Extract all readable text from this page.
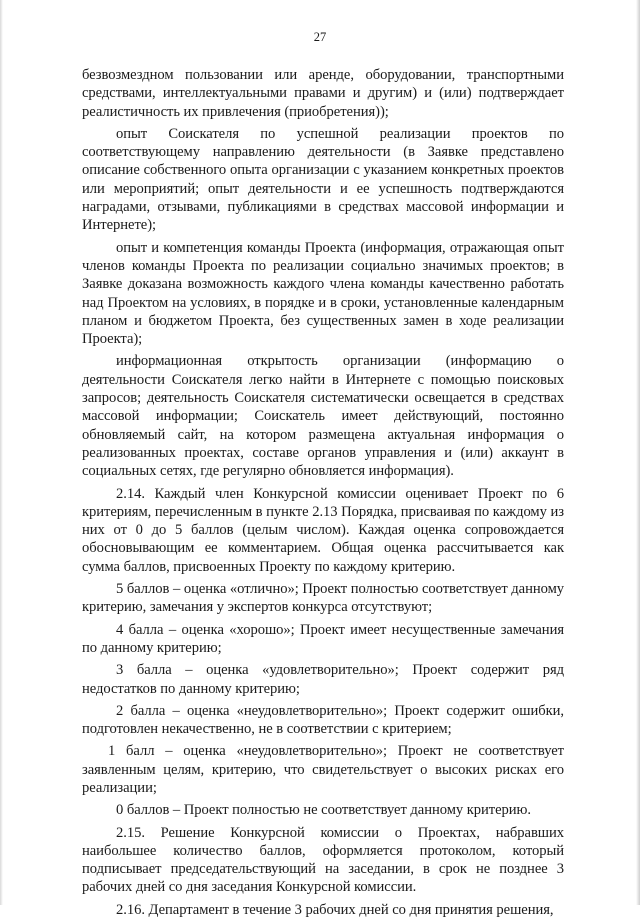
27

безвозмездном пользовании или аренде, оборудовании, транспортными средствами, интеллектуальными правами и другим) и (или) подтверждает реалистичность их привлечения (приобретения));

опыт Соискателя по успешной реализации проектов по соответствующему направлению деятельности (в Заявке представлено описание собственного опыта организации с указанием конкретных проектов или мероприятий; опыт деятельности и ее успешность подтверждаются наградами, отзывами, публикациями в средствах массовой информации и Интернете);

опыт и компетенция команды Проекта (информация, отражающая опыт членов команды Проекта по реализации социально значимых проектов; в Заявке доказана возможность каждого члена команды качественно работать над Проектом на условиях, в порядке и в сроки, установленные календарным планом и бюджетом Проекта, без существенных замен в ходе реализации Проекта);

информационная открытость организации (информацию о деятельности Соискателя легко найти в Интернете с помощью поисковых запросов; деятельность Соискателя систематически освещается в средствах массовой информации; Соискатель имеет действующий, постоянно обновляемый сайт, на котором размещена актуальная информация о реализованных проектах, составе органов управления и (или) аккаунт в социальных сетях, где регулярно обновляется информация).

2.14. Каждый член Конкурсной комиссии оценивает Проект по 6 критериям, перечисленным в пункте 2.13 Порядка, присваивая по каждому из них от 0 до 5 баллов (целым числом). Каждая оценка сопровождается обосновывающим ее комментарием. Общая оценка рассчитывается как сумма баллов, присвоенных Проекту по каждому критерию.

5 баллов – оценка «отлично»; Проект полностью соответствует данному критерию, замечания у экспертов конкурса отсутствуют;

4 балла – оценка «хорошо»; Проект имеет несущественные замечания по данному критерию;

3 балла – оценка «удовлетворительно»; Проект содержит ряд недостатков по данному критерию;

2 балла – оценка «неудовлетворительно»; Проект содержит ошибки, подготовлен некачественно, не в соответствии с критерием;

1 балл – оценка «неудовлетворительно»; Проект не соответствует заявленным целям, критерию, что свидетельствует о высоких рисках его реализации;

0 баллов – Проект полностью не соответствует данному критерию.

2.15. Решение Конкурсной комиссии о Проектах, набравших наибольшее количество баллов, оформляется протоколом, который подписывает председательствующий на заседании, в срок не позднее 3 рабочих дней со дня заседания Конкурсной комиссии.

2.16. Департамент в течение 3 рабочих дней со дня принятия решения,
